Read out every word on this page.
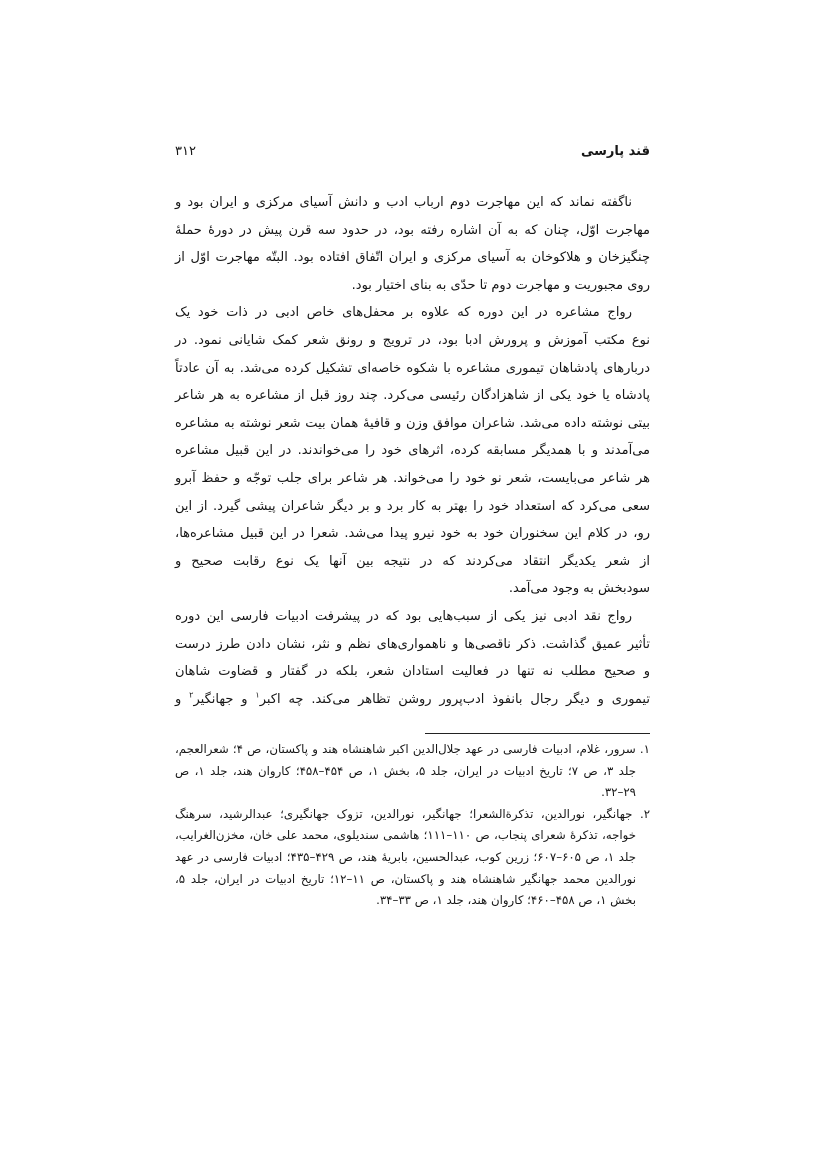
قند پارسی
۳۱۲
ناگفته نماند که این مهاجرت دوم ارباب ادب و دانش آسیای مرکزی و ایران بود و
مهاجرت اوّل، چنان که به آن اشاره رفته بود، در حدود سه قرن پیش در دورهٔ حملهٔ
چنگیزخان و هلاکوخان به آسیای مرکزی و ایران اتّفاق افتاده بود. البتّه مهاجرت اوّل از
روی مجبوریت و مهاجرت دوم تا حدّی به بنای اختیار بود.
رواج مشاعره در این دوره که علاوه بر محفل‌های خاص ادبی در ذات خود یک
نوع مکتب آموزش و پرورش ادبا بود، در ترویج و رونق شعر کمک شایانی نمود. در
دربارهای پادشاهان تیموری مشاعره با شکوه خاصه‌ای تشکیل کرده می‌شد. به آن عادتاً
پادشاه یا خود یکی از شاهزادگان رئیسی می‌کرد. چند روز قبل از مشاعره به هر شاعر
بیتی نوشته داده می‌شد. شاعران موافق وزن و قافیهٔ همان بیت شعر نوشته به مشاعره
می‌آمدند و با همدیگر مسابقه کرده، اثرهای خود را می‌خواندند. در این قبیل مشاعره
هر شاعر می‌بایست، شعر نو خود را می‌خواند. هر شاعر برای جلب توجّه و حفظ آبرو
سعی می‌کرد که استعداد خود را بهتر به کار برد و بر دیگر شاعران پیشی گیرد. از این
رو، در کلام این سخنوران خود به خود نیرو پیدا می‌شد. شعرا در این قبیل مشاعره‌ها،
از شعر یکدیگر انتقاد می‌کردند که در نتیجه بین آنها یک نوع رقابت صحیح و
سودبخش به وجود می‌آمد.
رواج نقد ادبی نیز یکی از سبب‌هایی بود که در پیشرفت ادبیات فارسی این دوره
تأثیر عمیق گذاشت. ذکر ناقصی‌ها و ناهمواری‌های نظم و نثر، نشان دادن طرز درست
و صحیح مطلب نه تنها در فعالیت استادان شعر، بلکه در گفتار و قضاوت شاهان
تیموری و دیگر رجال بانفوذ ادب‌پرور روشن تظاهر می‌کند. چه اکبر$^۱$ و جهانگیر$^۲$ و
۱. سرور، غلام، ادبیات فارسی در عهد جلال‌الدین اکبر شاهنشاه هند و پاکستان، ص ۴؛ شعرالعجم،
جلد ۳، ص ۷؛ تاریخ ادبیات در ایران، جلد ۵، بخش ۱، ص ۴۵۴–۴۵۸؛ کاروان هند، جلد ۱، ص
۲۹–۳۲.
۲. جهانگیر، نورالدین، تذکرةالشعرا؛ جهانگیر، نورالدین، تزوک جهانگیری؛ عبدالرشید، سرهنگ
خواجه، تذکرهٔ شعرای پنجاب، ص ۱۱۰–۱۱۱؛ هاشمی سندیلوی، محمد علی خان، مخزن‌الغرایب،
جلد ۱، ص ۶۰۵–۶۰۷؛ زرین کوب، عبدالحسین، بابریهٔ هند، ص ۴۲۹–۴۳۵؛ ادبیات فارسی در عهد
نورالدین محمد جهانگیر شاهنشاه هند و پاکستان، ص ۱۱–۱۲؛ تاریخ ادبیات در ایران، جلد ۵،
بخش ۱، ص ۴۵۸–۴۶۰؛ کاروان هند، جلد ۱، ص ۳۳–۳۴.
